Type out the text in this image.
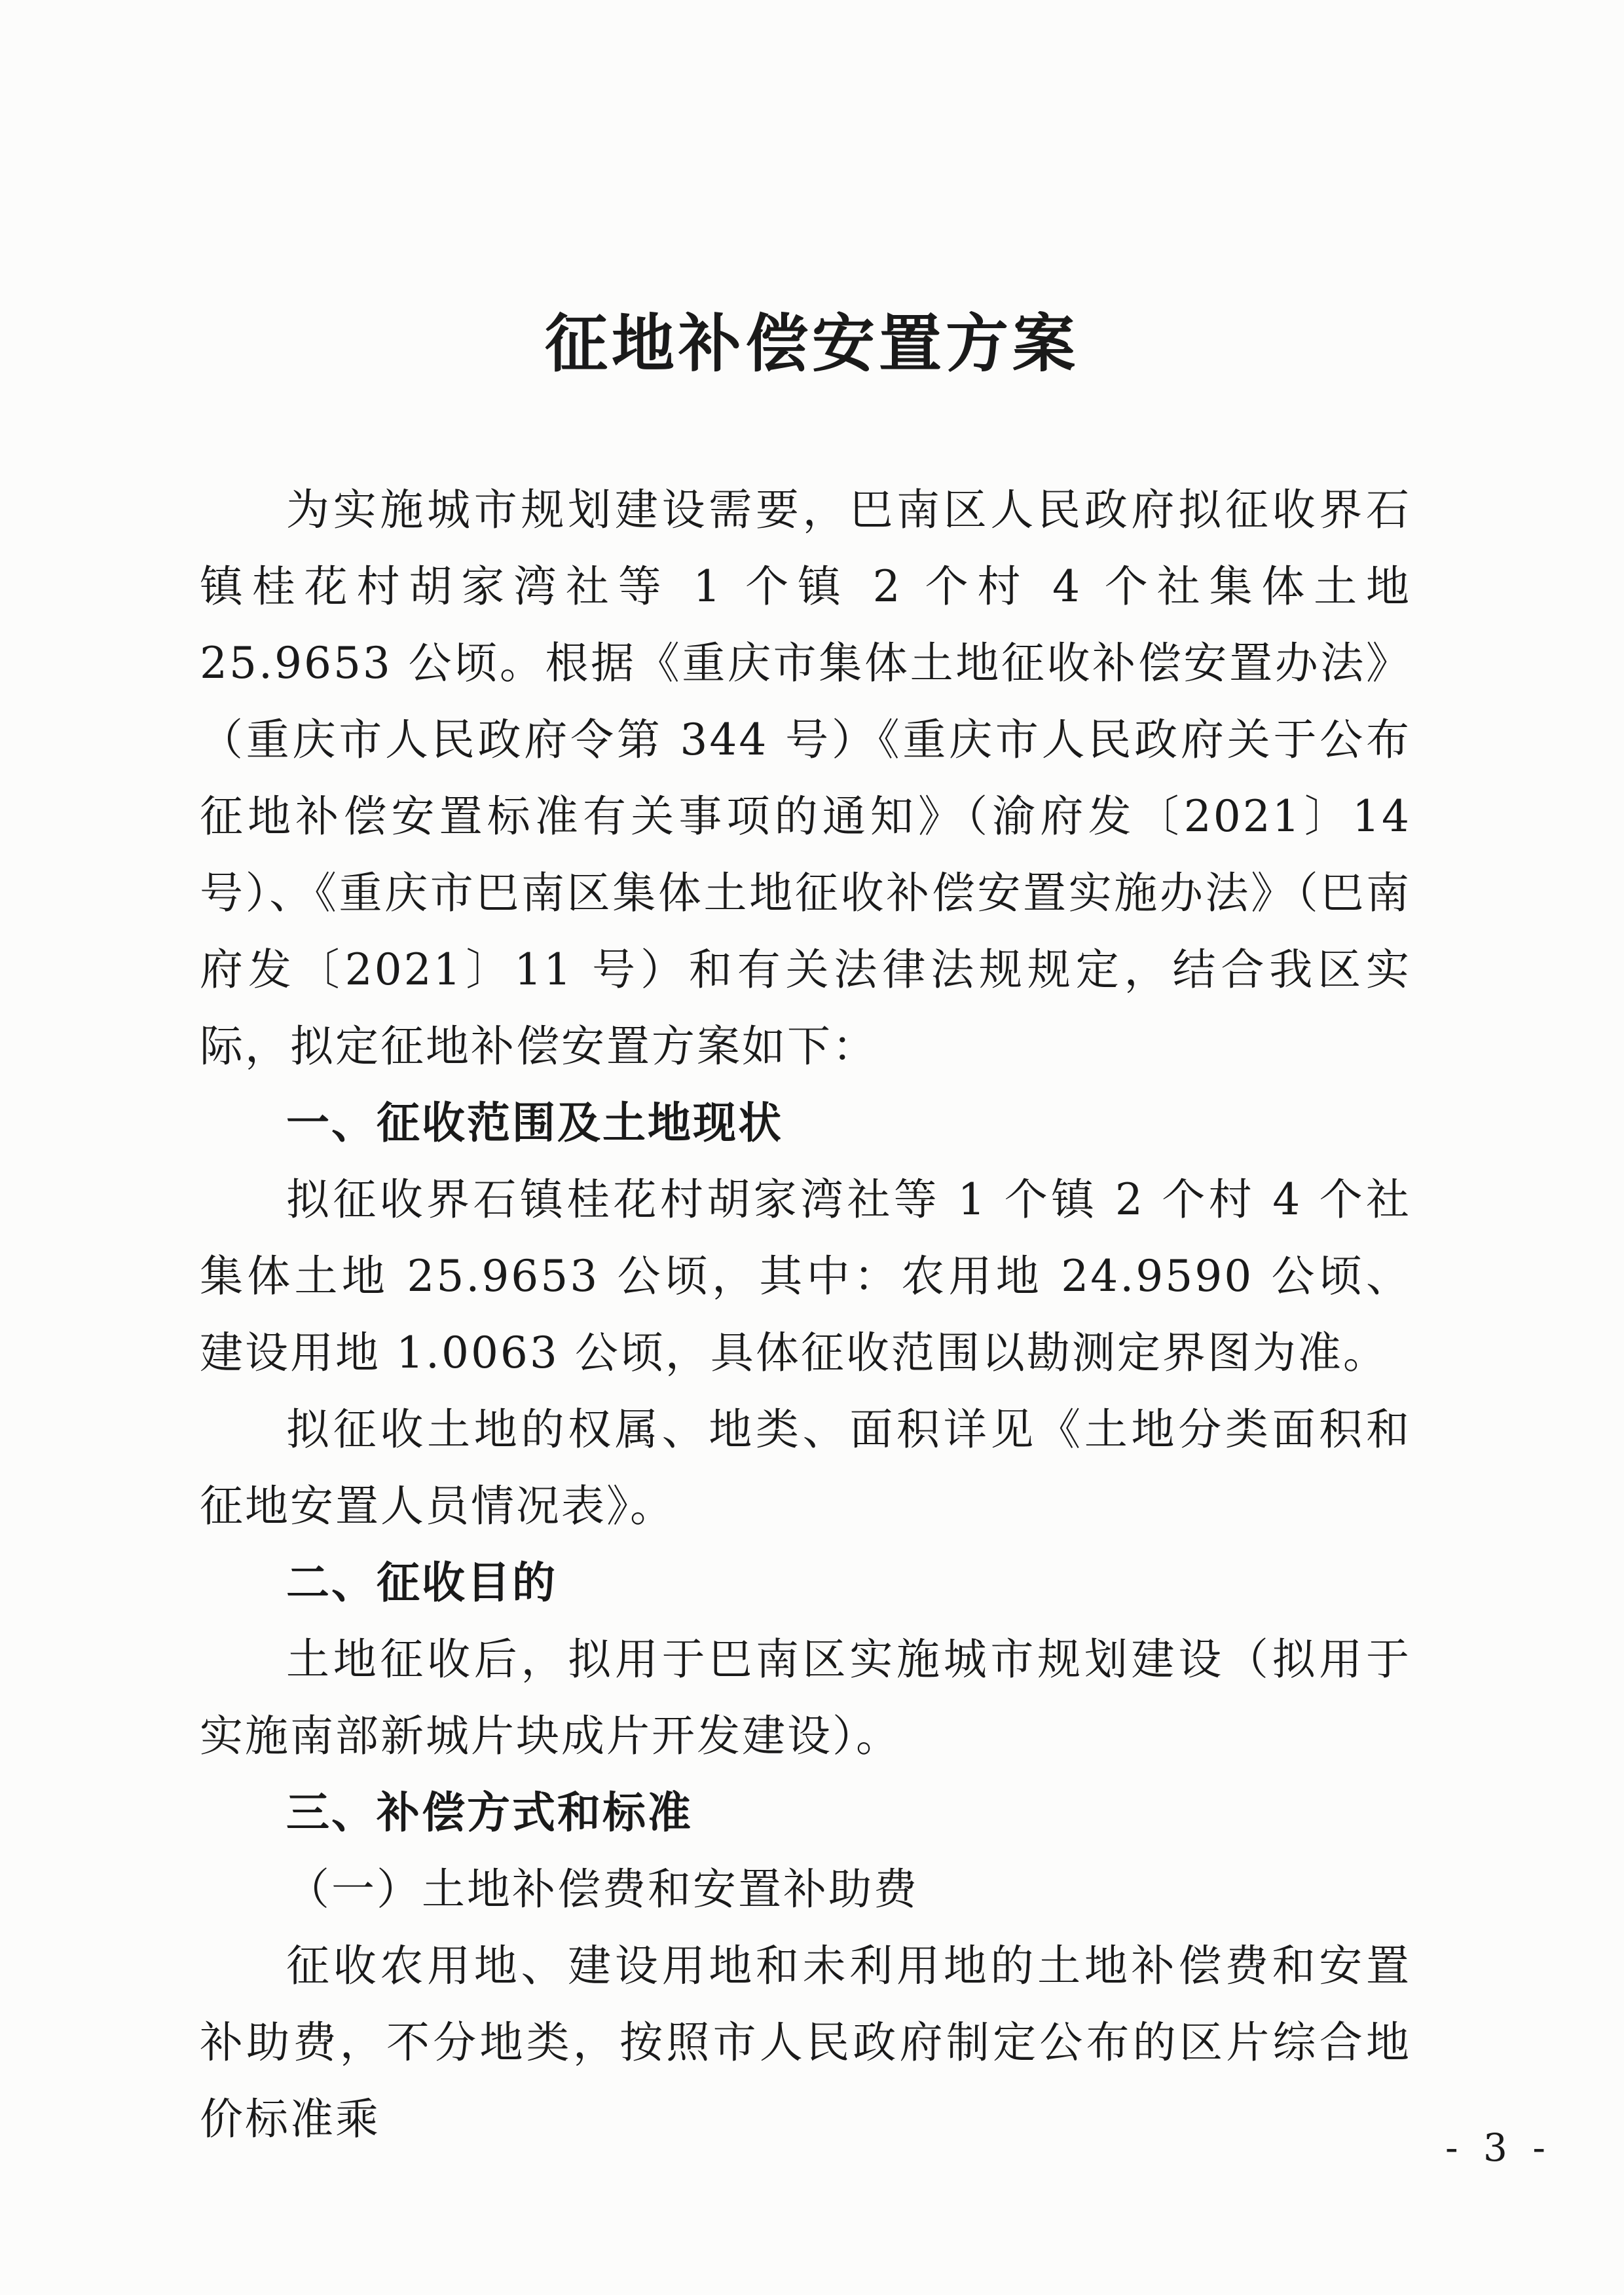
征地补偿安置方案

为实施城市规划建设需要，巴南区人民政府拟征收界石镇桂花村胡家湾社等 1 个镇 2 个村 4 个社集体土地 25.9653 公顷。根据《重庆市集体土地征收补偿安置办法》（重庆市人民政府令第 344 号）《重庆市人民政府关于公布征地补偿安置标准有关事项的通知》（渝府发〔2021〕14 号）、《重庆市巴南区集体土地征收补偿安置实施办法》（巴南府发〔2021〕11 号）和有关法律法规规定，结合我区实际，拟定征地补偿安置方案如下：

一、征收范围及土地现状

拟征收界石镇桂花村胡家湾社等 1 个镇 2 个村 4 个社集体土地 25.9653 公顷，其中：农用地 24.9590 公顷、建设用地 1.0063 公顷，具体征收范围以勘测定界图为准。

拟征收土地的权属、地类、面积详见《土地分类面积和征地安置人员情况表》。

二、征收目的

土地征收后，拟用于巴南区实施城市规划建设（拟用于实施南部新城片块成片开发建设）。

三、补偿方式和标准

（一）土地补偿费和安置补助费

征收农用地、建设用地和未利用地的土地补偿费和安置补助费，不分地类，按照市人民政府制定公布的区片综合地价标准乘

- 3 -
